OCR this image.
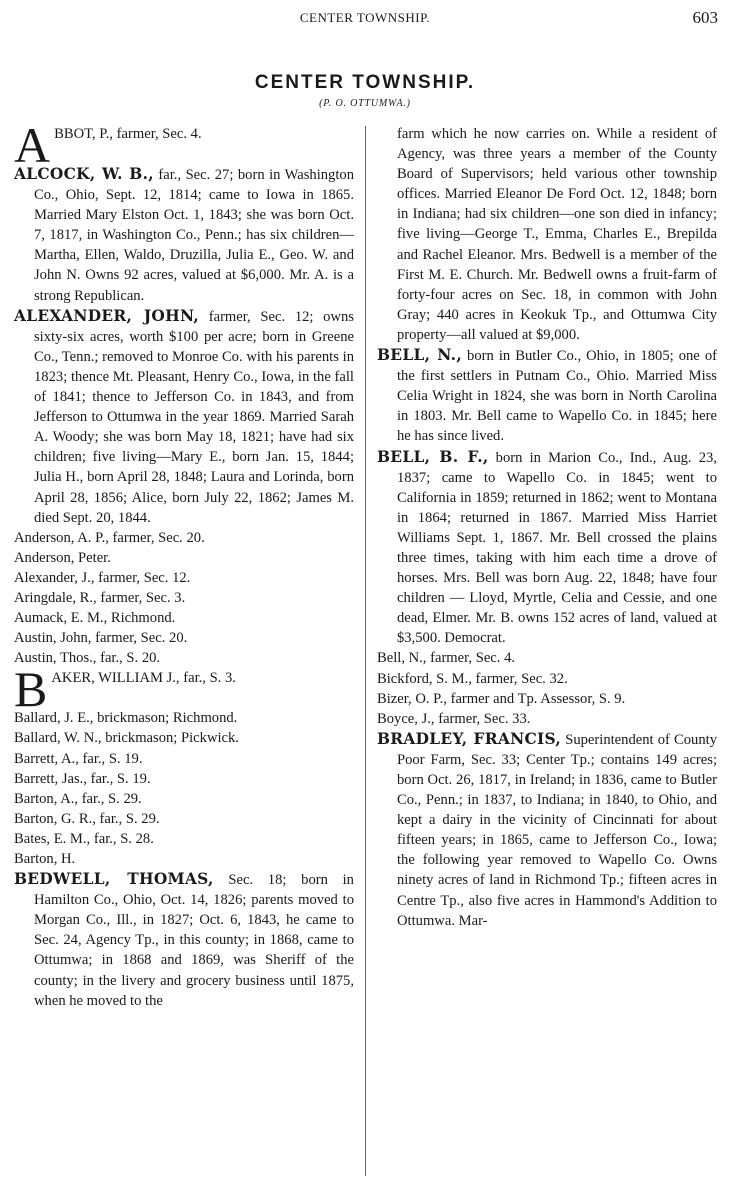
CENTER TOWNSHIP.	603
CENTER TOWNSHIP.
(P. O. OTTUMWA.)

ABBOT, P., farmer, Sec. 4.

ALCOCK, W. B., far., Sec. 27; born in Washington Co., Ohio, Sept. 12, 1814; came to Iowa in 1865. Married Mary Elston Oct. 1, 1843; she was born Oct. 7, 1817, in Washington Co., Penn.; has six children—Martha, Ellen, Waldo, Druzilla, Julia E., Geo. W. and John N. Owns 92 acres, valued at $6,000. Mr. A. is a strong Republican.

ALEXANDER, JOHN, farmer, Sec. 12; owns sixty-six acres, worth $100 per acre; born in Greene Co., Tenn.; removed to Monroe Co. with his parents in 1823; thence Mt. Pleasant, Henry Co., Iowa, in the fall of 1841; thence to Jefferson Co. in 1843, and from Jefferson to Ottumwa in the year 1869. Married Sarah A. Woody; she was born May 18, 1821; have had six children; five living—Mary E., born Jan. 15, 1844; Julia H., born April 28, 1848; Laura and Lorinda, born April 28, 1856; Alice, born July 22, 1862; James M. died Sept. 20, 1844.

Anderson, A. P., farmer, Sec. 20.

Anderson, Peter.

Alexander, J., farmer, Sec. 12.

Aringdale, R., farmer, Sec. 3.

Aumack, E. M., Richmond.

Austin, John, farmer, Sec. 20.

Austin, Thos., far., S. 20.

BAKER, WILLIAM J., far., S. 3.

Ballard, J. E., brickmason; Richmond.

Ballard, W. N., brickmason; Pickwick.

Barrett, A., far., S. 19.

Barrett, Jas., far., S. 19.

Barton, A., far., S. 29.

Barton, G. R., far., S. 29.

Bates, E. M., far., S. 28.

Barton, H.

BEDWELL, THOMAS, Sec. 18; born in Hamilton Co., Ohio, Oct. 14, 1826; parents moved to Morgan Co., Ill., in 1827; Oct. 6, 1843, he came to Sec. 24, Agency Tp., in this county; in 1868, came to Ottumwa; in 1868 and 1869, was Sheriff of the county; in the livery and grocery business until 1875, when he moved to the

farm which he now carries on. While a resident of Agency, was three years a member of the County Board of Supervisors; held various other township offices. Married Eleanor De Ford Oct. 12, 1848; born in Indiana; had six children—one son died in infancy; five living—George T., Emma, Charles E., Brepilda and Rachel Eleanor. Mrs. Bedwell is a member of the First M. E. Church. Mr. Bedwell owns a fruit-farm of forty-four acres on Sec. 18, in common with John Gray; 440 acres in Keokuk Tp., and Ottumwa City property—all valued at $9,000.

BELL, N., born in Butler Co., Ohio, in 1805; one of the first settlers in Putnam Co., Ohio. Married Miss Celia Wright in 1824, she was born in North Carolina in 1803. Mr. Bell came to Wapello Co. in 1845; here he has since lived.

BELL, B. F., born in Marion Co., Ind., Aug. 23, 1837; came to Wapello Co. in 1845; went to California in 1859; returned in 1862; went to Montana in 1864; returned in 1867. Married Miss Harriet Williams Sept. 1, 1867. Mr. Bell crossed the plains three times, taking with him each time a drove of horses. Mrs. Bell was born Aug. 22, 1848; have four children — Lloyd, Myrtle, Celia and Cessie, and one dead, Elmer. Mr. B. owns 152 acres of land, valued at $3,500. Democrat.

Bell, N., farmer, Sec. 4.

Bickford, S. M., farmer, Sec. 32.

Bizer, O. P., farmer and Tp. Assessor, S. 9.

Boyce, J., farmer, Sec. 33.

BRADLEY, FRANCIS, Superintendent of County Poor Farm, Sec. 33; Center Tp.; contains 149 acres; born Oct. 26, 1817, in Ireland; in 1836, came to Butler Co., Penn.; in 1837, to Indiana; in 1840, to Ohio, and kept a dairy in the vicinity of Cincinnati for about fifteen years; in 1865, came to Jefferson Co., Iowa; the following year removed to Wapello Co. Owns ninety acres of land in Richmond Tp.; fifteen acres in Centre Tp., also five acres in Hammond's Addition to Ottumwa. Mar-
